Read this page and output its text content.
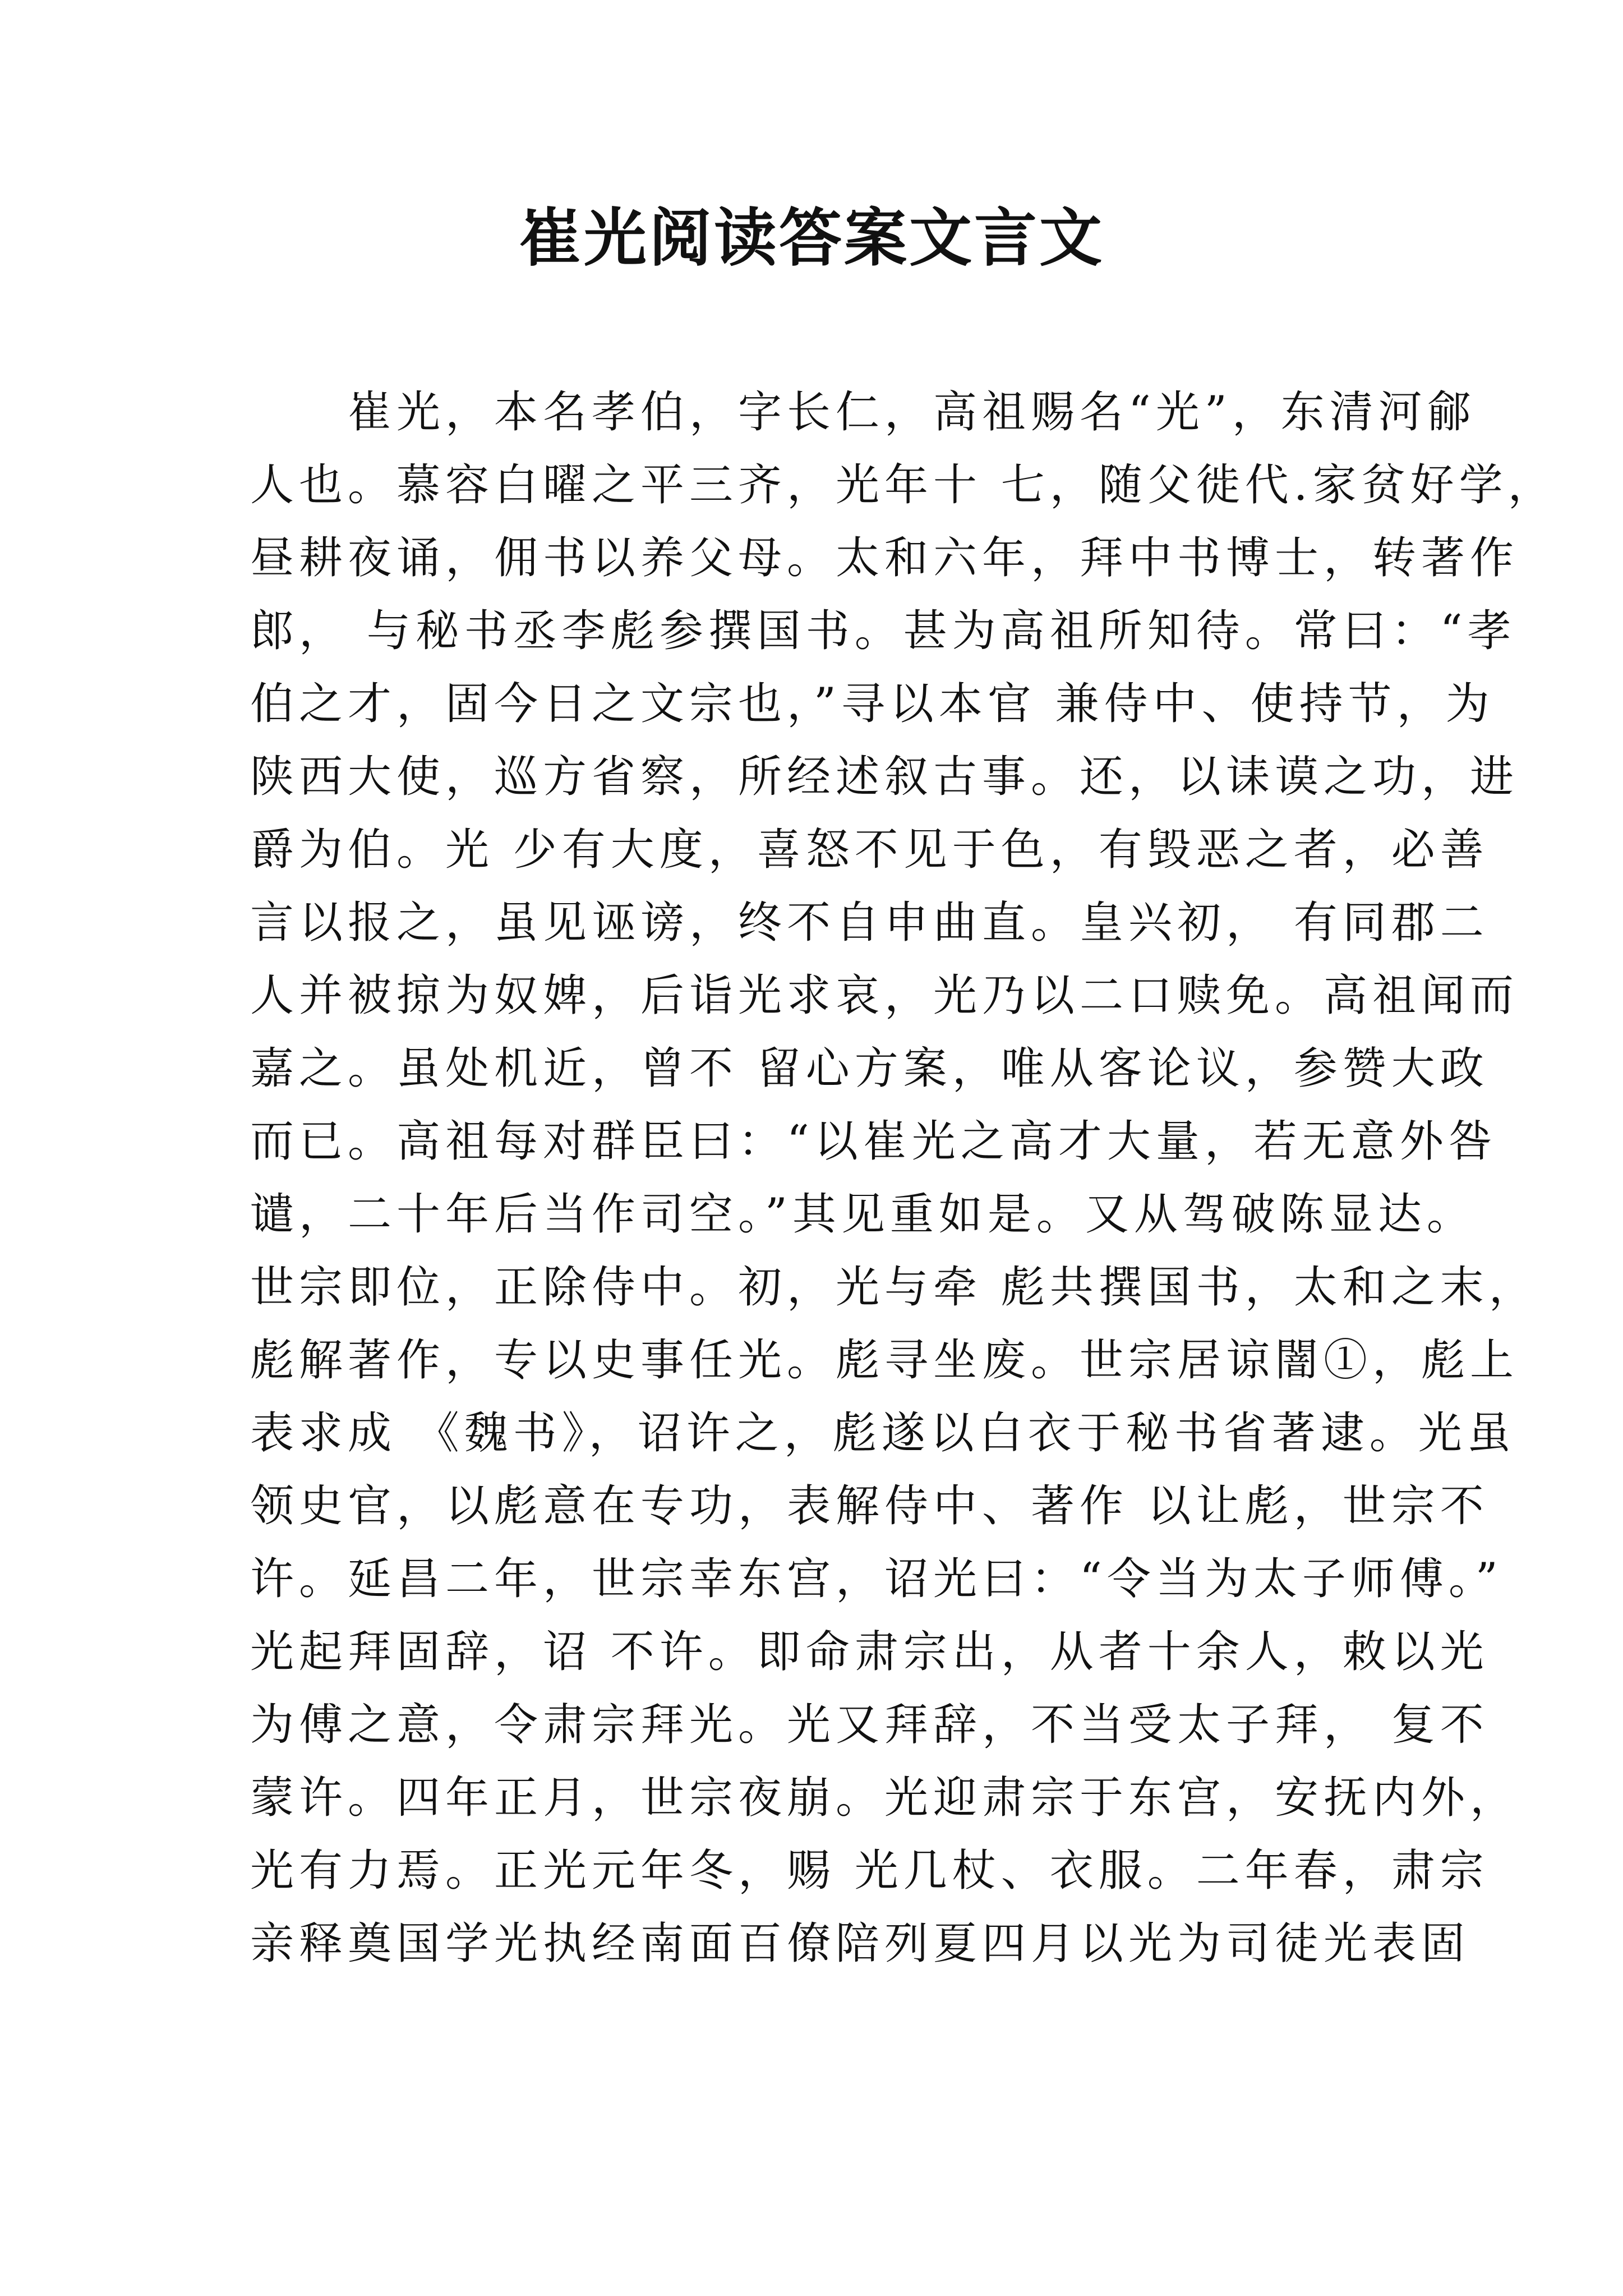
崔光阅读答案文言文
　　崔光，本名孝伯，字长仁，高祖赐名“光”，东清河鄃
人也。慕容白曜之平三齐，光年十 七，随父徙代.家贫好学，
昼耕夜诵，佣书以养父母。太和六年，拜中书博士，转著作
郎， 与秘书丞李彪参撰国书。甚为高祖所知待。常曰：“孝
伯之才，固今日之文宗也，”寻以本官 兼侍中、使持节，为
陕西大使，巡方省察，所经述叙古事。还，以诔谟之功，进
爵为伯。光 少有大度，喜怒不见于色，有毁恶之者，必善
言以报之，虽见诬谤，终不自申曲直。皇兴初， 有同郡二
人并被掠为奴婢，后诣光求哀，光乃以二口赎免。高祖闻而
嘉之。虽处机近，曾不 留心方案，唯从客论议，参赞大政
而已。高祖每对群臣曰：“以崔光之高才大量，若无意外咎
谴，二十年后当作司空。”其见重如是。又从驾破陈显达。
世宗即位，正除侍中。初，光与牵 彪共撰国书，太和之末，
彪解著作，专以史事任光。彪寻坐废。世宗居谅闇①，彪上
表求成 《魏书》，诏许之，彪遂以白衣于秘书省著逮。光虽
领史官，以彪意在专功，表解侍中、著作 以让彪，世宗不
许。延昌二年，世宗幸东宫，诏光曰：“令当为太子师傅。”
光起拜固辞，诏 不许。即命肃宗出，从者十余人，敕以光
为傅之意，令肃宗拜光。光又拜辞，不当受太子拜， 复不
蒙许。四年正月，世宗夜崩。光迎肃宗于东宫，安抚内外，
光有力焉。正光元年冬，赐 光几杖、衣服。二年春，肃宗
亲释奠国学光执经南面百僚陪列夏四月以光为司徒光表固
